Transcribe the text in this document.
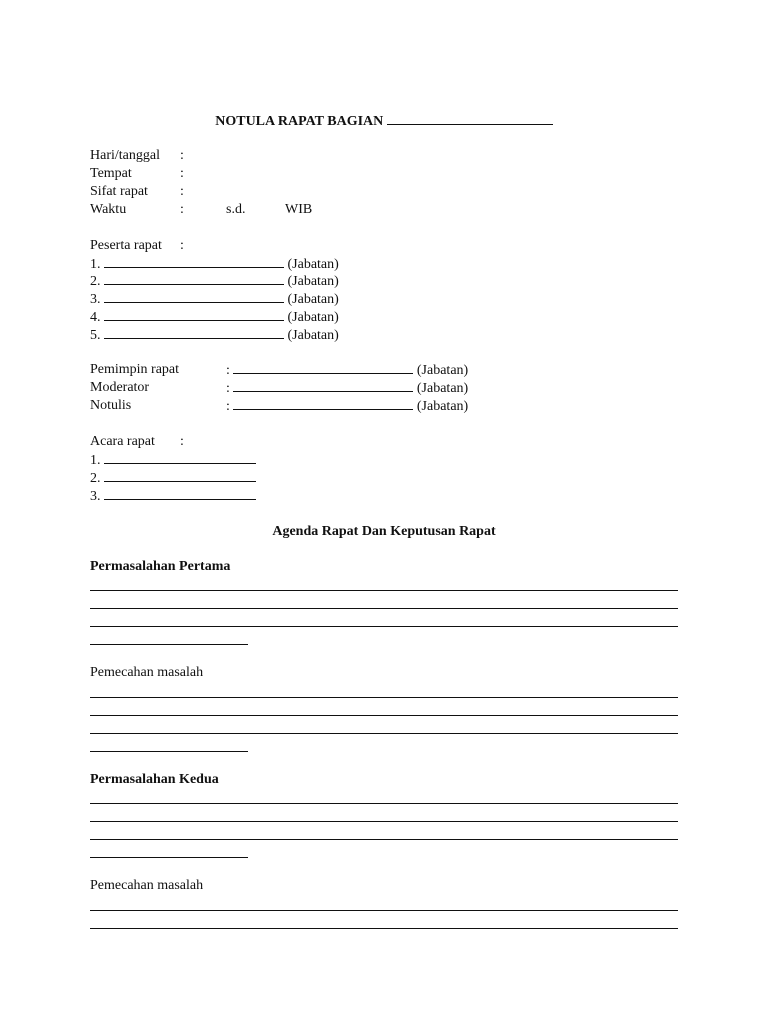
NOTULA RAPAT BAGIAN
Hari/tanggal :
Tempat	:
Sifat rapat :
Waktu	:	s.d.	WIB
Peserta rapat :
1.	(Jabatan)
2.	(Jabatan)
3.	(Jabatan)
4.	(Jabatan)
5.	(Jabatan)
Pemimpin rapat	:	(Jabatan)
Moderator	:	(Jabatan)
Notulis	:	(Jabatan)
Acara rapat :
1.
2.
3.
Agenda Rapat Dan Keputusan Rapat
Permasalahan Pertama
Pemecahan masalah
Permasalahan Kedua
Pemecahan masalah
